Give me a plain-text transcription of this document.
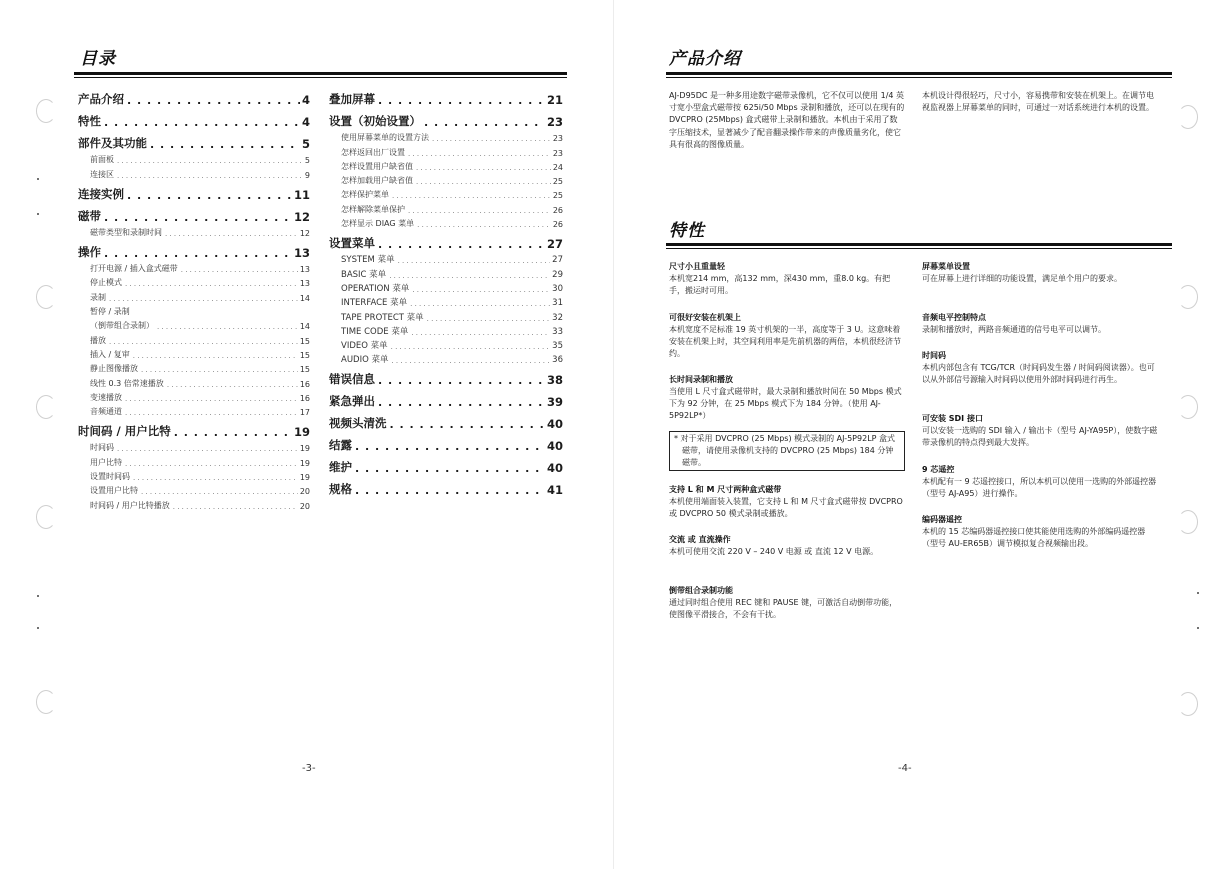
目录
产品介绍 . . .	4
特性 . . .	4
部件及其功能 . . .	5
前面板 . . .	5
连接区 . . .	9
连接实例 . . .	11
磁带 . . .	12
磁带类型和录制时间 . . .	12
操作 . . .	13
打开电源 / 插入盒式磁带 . . .	13
停止模式 . . .	13
录制 . . .	14
暂停 / 录制
（倒带组合录制） . . .	14
播放 . . .	15
插入 / 复审 . . .	15
静止图像播放 . . .	15
线性 0.3 倍常速播放 . . .	16
变速播放 . . .	16
音频通道 . . .	17
时间码 / 用户比特 . . .	19
时间码 . . .	19
用户比特 . . .	19
设置时间码 . . .	19
设置用户比特 . . .	20
时间码 / 用户比特播放 . . .	20
叠加屏幕 . . .	21
设置（初始设置） . . .	23
使用屏幕菜单的设置方法 . . .	23
怎样返回出厂设置 . . .	23
怎样设置用户缺省值 . . .	24
怎样加载用户缺省值 . . .	25
怎样保护菜单 . . .	25
怎样解除菜单保护 . . .	26
怎样显示 DIAG 菜单 . . .	26
设置菜单 . . .	27
SYSTEM 菜单 . . .	27
BASIC 菜单 . . .	29
OPERATION 菜单 . . .	30
INTERFACE 菜单 . . .	31
TAPE PROTECT 菜单 . . .	32
TIME CODE 菜单 . . .	33
VIDEO 菜单 . . .	35
AUDIO 菜单 . . .	36
错误信息 . . .	38
紧急弹出 . . .	39
视频头清洗 . . .	40
结露 . . .	40
维护 . . .	40
规格 . . .	41
-3-
产品介绍
AJ-D95DC 是一种多用途数字磁带录像机，它不仅可以使用 1/4 英寸宽小型盒式磁带按 625i/50 Mbps 录制和播放，还可以在现有的 DVCPRO (25Mbps) 盒式磁带上录制和播放。本机由于采用了数字压缩技术，显著减少了配音翻录操作带来的声像质量劣化，使它具有很高的图像质量。
本机设计得很轻巧，尺寸小，容易携带和安装在机架上。在调节电视监视器上屏幕菜单的同时，可通过一对话系统进行本机的设置。
特性
尺寸小且重量轻
本机宽214 mm，高132 mm，深430 mm，重8.0 kg。有把手，搬运时可用。
可很好安装在机架上
本机宽度不足标准 19 英寸机架的一半，高度等于 3 U。这意味着安装在机架上时，其空间利用率是先前机器的两倍，本机很经济节约。
长时间录制和播放
当使用 L 尺寸盒式磁带时，最大录制和播放时间在 50 Mbps 模式下为 92 分钟，在 25 Mbps 模式下为 184 分钟。（使用 AJ-5P92LP*）
* 对于采用 DVCPRO (25 Mbps) 模式录制的 AJ-5P92LP 盒式磁带，请使用录像机支持的 DVCPRO (25 Mbps) 184 分钟磁带。
支持 L 和 M 尺寸两种盒式磁带
本机使用端面装入装置，它支持 L 和 M 尺寸盒式磁带按 DVCPRO 或 DVCPRO 50 模式录制或播放。
交流 或 直流操作
本机可使用交流 220 V – 240 V 电源 或 直流 12 V 电源。
倒带组合录制功能
通过同时组合使用 REC 键和 PAUSE 键，可激活自动倒带功能，使图像平滑接合，不会有干扰。
屏幕菜单设置
可在屏幕上进行详细的功能设置，满足单个用户的要求。
音频电平控制特点
录制和播放时，两路音频通道的信号电平可以调节。
时间码
本机内部包含有 TCG/TCR（时间码发生器 / 时间码阅读器）。也可以从外部信号源输入时间码以使用外部时间码进行再生。
可安装 SDI 接口
可以安装一选购的 SDI 输入 / 输出卡（型号 AJ-YA95P），使数字磁带录像机的特点得到最大发挥。
9 芯遥控
本机配有一 9 芯遥控接口，所以本机可以使用一选购的外部遥控器（型号 AJ-A95）进行操作。
编码器遥控
本机的 15 芯编码器遥控接口使其能使用选购的外部编码遥控器（型号 AU-ER65B）调节模拟复合视频输出段。
-4-
